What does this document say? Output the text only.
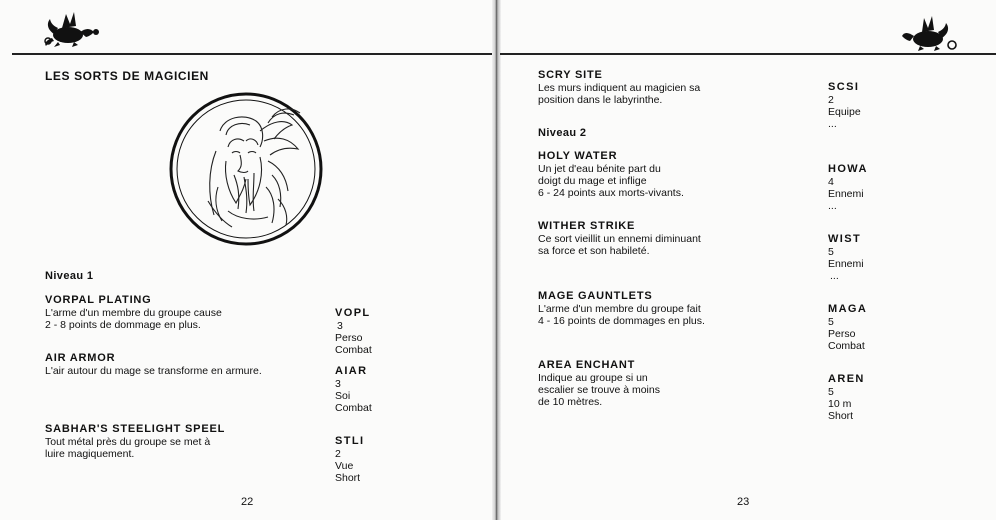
LES SORTS DE MAGICIEN
Niveau 1
VORPAL PLATING
L'arme d'un membre du groupe cause
2 - 8 points de dommage en plus.
VOPL
3
Perso
Combat
AIR ARMOR
L'air autour du mage se transforme en armure.	AIAR
3
Soi
Combat
SABHAR'S STEELIGHT SPEEL
Tout métal près du groupe se met à
luire magiquement.
STLI
2
Vue
Short
22
SCRY SITE
Les murs indiquent au magicien sa
position dans le labyrinthe.
SCSI
2
Equipe
...
Niveau 2
HOLY WATER
Un jet d'eau bénite part du
doigt du mage et inflige
6 - 24 points aux morts-vivants.
HOWA
4
Ennemi
...
WITHER STRIKE
Ce sort vieillit un ennemi diminuant
sa force et son habileté.
WIST
5
Ennemi
...
MAGE GAUNTLETS
L'arme d'un membre du groupe fait
4 - 16 points de dommages en plus.
MAGA
5
Perso
Combat
AREA ENCHANT
Indique au groupe si un
escalier se trouve à moins
de 10 mètres.
AREN
5
10 m
Short
23
